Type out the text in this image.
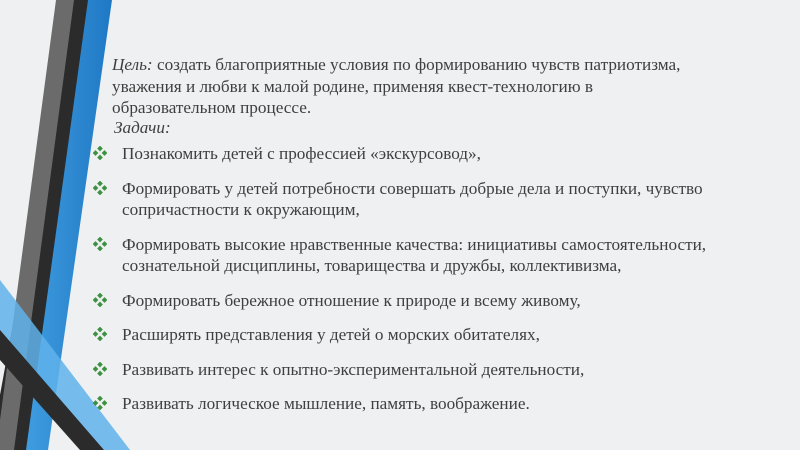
Цель: создать благоприятные условия по формированию чувств патриотизма, уважения и любви к малой родине, применяя квест-технологию в образовательном процессе.

Задачи:

Познакомить детей с профессией «экскурсовод»,
Формировать у детей потребности совершать добрые дела и поступки, чувство сопричастности к окружающим,
Формировать высокие нравственные качества: инициативы самостоятельности, сознательной дисциплины, товарищества и дружбы, коллективизма,
Формировать бережное отношение к природе и всему живому,
Расширять представления у детей о морских обитателях,
Развивать интерес к опытно-экспериментальной деятельности,
Развивать логическое мышление, память, воображение.
